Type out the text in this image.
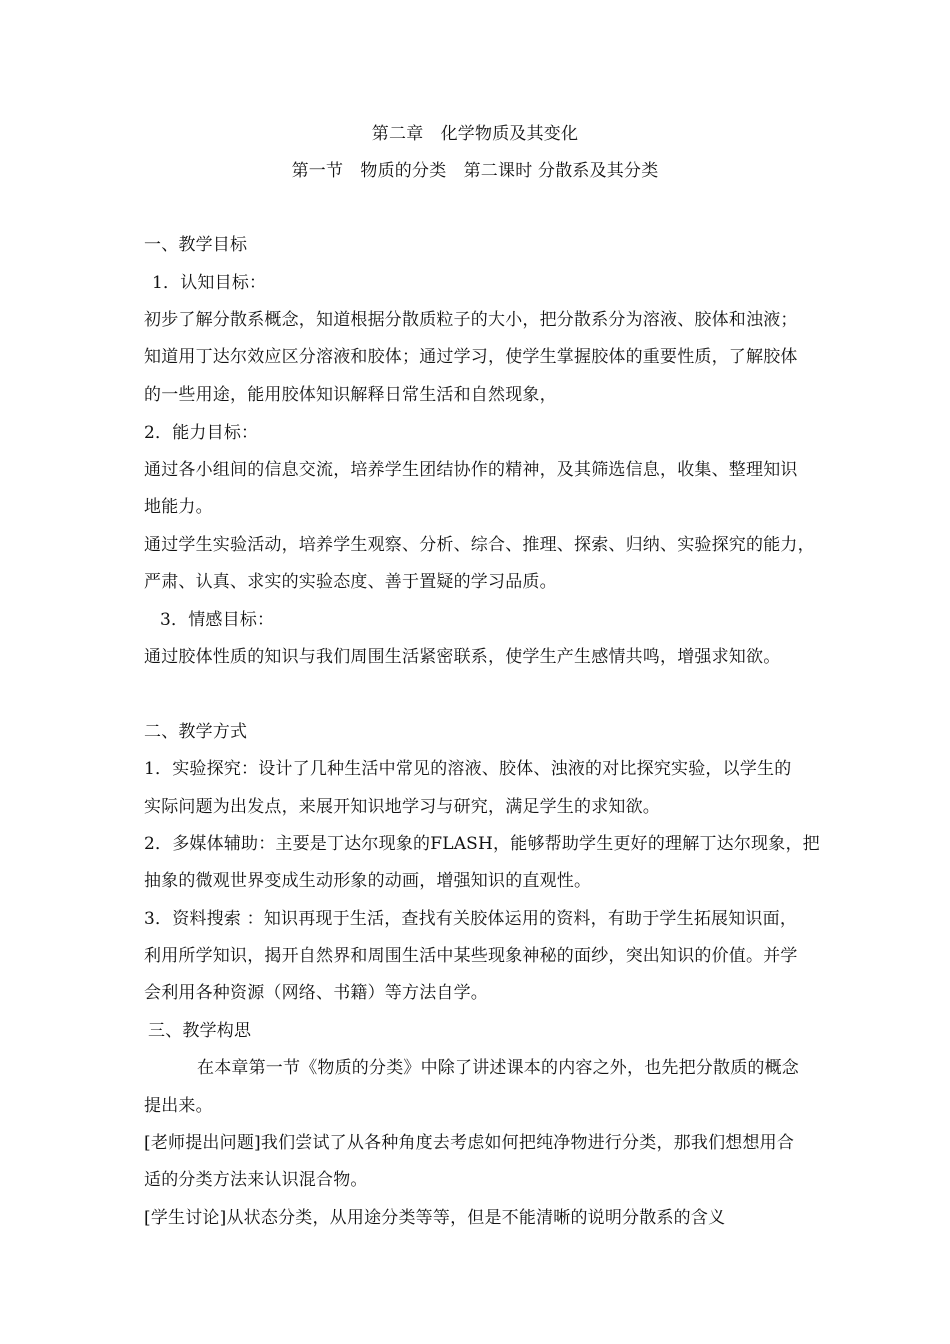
第二章　化学物质及其变化
第一节　物质的分类　第二课时 分散系及其分类
一、教学目标
1．认知目标：
初步了解分散系概念，知道根据分散质粒子的大小，把分散系分为溶液、胶体和浊液；
知道用丁达尔效应区分溶液和胶体；通过学习，使学生掌握胶体的重要性质，了解胶体
的一些用途，能用胶体知识解释日常生活和自然现象，
2．能力目标：
通过各小组间的信息交流，培养学生团结协作的精神，及其筛选信息，收集、整理知识
地能力。
通过学生实验活动，培养学生观察、分析、综合、推理、探索、归纳、实验探究的能力，
严肃、认真、求实的实验态度、善于置疑的学习品质。
3．情感目标：
通过胶体性质的知识与我们周围生活紧密联系，使学生产生感情共鸣，增强求知欲。
二、教学方式
1．实验探究：设计了几种生活中常见的溶液、胶体、浊液的对比探究实验，以学生的
实际问题为出发点，来展开知识地学习与研究，满足学生的求知欲。
2．多媒体辅助：主要是丁达尔现象的FLASH，能够帮助学生更好的理解丁达尔现象，把
抽象的微观世界变成生动形象的动画，增强知识的直观性。
3．资料搜索 ：知识再现于生活，查找有关胶体运用的资料，有助于学生拓展知识面，
利用所学知识，揭开自然界和周围生活中某些现象神秘的面纱，突出知识的价值。并学
会利用各种资源（网络、书籍）等方法自学。
三、教学构思
在本章第一节《物质的分类》中除了讲述课本的内容之外，也先把分散质的概念
提出来。
[老师提出问题]我们尝试了从各种角度去考虑如何把纯净物进行分类，那我们想想用合
适的分类方法来认识混合物。
[学生讨论]从状态分类，从用途分类等等，但是不能清晰的说明分散系的含义
